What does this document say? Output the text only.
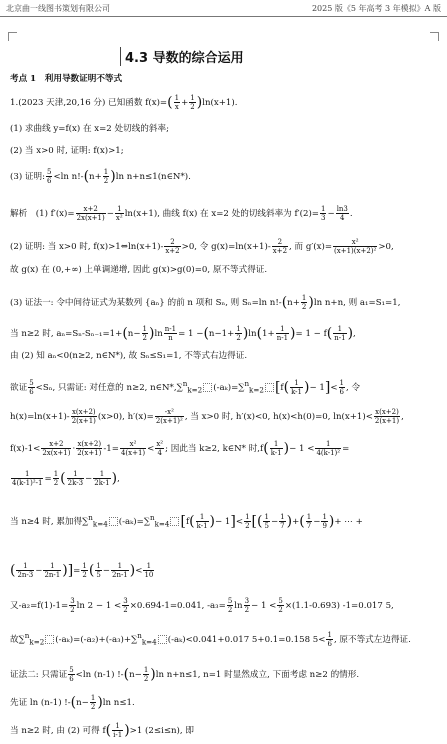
北京曲一线图书策划有限公司	2025 版《5 年高考 3 年模拟》A 版
4.3 导数的综合运用
考点 1　利用导数证明不等式
1.(2023 天津,20,16 分) 已知函数 $f(x)=( \frac{1}{x} + \frac{1}{2} )\ln(x+1)$.
(1) 求曲线 y=f(x) 在 x=2 处切线的斜率;
(2) 当 x>0 时, 证明: f(x)>1;
(3) 证明: $\frac{5}{6} <\ln$ $n!-(n+ \frac{1}{2} )\ln$ n+n≤1(n∈N*).
解析　(1) $f'(x)= \frac{x+2}{2x(x+1)} - \frac{1}{\text{x²}} \ln(x+1)$, 曲线 f(x) 在 x=2 处的切线斜率为 $f'(2)= \frac{1}{3} - \frac{\ln 3}{4}$ .
(2) 证明: 当 x>0 时, f(x)>1⇔ln(x+1)- $\frac{2}{x+2} >0$, 令 $g(x)=\ln(x+1)- \frac{2}{x+2}$ , 而 $g'(x)= \frac{\text{x²}}{\text{(x+1)(x+2)²}} >0$,
故 g(x) 在 (0,+∞) 上单调递增, 因此 g(x)>g(0)=0, 原不等式得证.
(3) 证法一: 令中间待证式为某数列 {aₙ} 的前 n 项和 Sₙ, 则 Sₙ=ln $n!-(n+ \frac{1}{2} )\ln$ n+n, 则 a₁=S₁=1,
当 n≥2 时, $a_n=S_n-S_{n-1}=1+(n- \frac{1}{2} )\ln \frac{n-1}{n} = 1 -(n-1+ \frac{1}{2} )\ln(1+ \frac{1}{n-1}$ )= $1 - f( \frac{1}{n-1}$ ),
由 (2) 知 aₙ<0(n≥2, n∈N*), 故 Sₙ≤S₁=1, 不等式右边得证.
欲证 $\frac{5}{6} <S_n$, 只需证: 对任意的 n≥2, n∈N*,∑$^n_{k=2}$ (-aₖ)=∑$^n_{k=2}$ [$f( \frac{1}{k-1}$ )− $1]< \frac{1}{6}$ , 令
$h(x)=\ln(x+1)- \frac{x(x+2)}{2(x+1)} (x>0)$, $h'(x)= \frac{\text{-x²}}{\text{2(x+1)²}}$ , 当 x>0 时, h′(x)<0, h(x)<h(0)=0, $\ln(x+1)< \frac{x(x+2)}{2(x+1)}$ ,
$f(x)-1< \frac{x+2}{2x(x+1)} \cdot \frac{x(x+2)}{2(x+1)} -1= \frac{\text{x²}}{4(x+1)} < \frac{\text{x²}}{4}$ ; 因此当 k≥2, k∈N* 时$,f( \frac{1}{k-1}$ )− $1 < \frac{1}{\text{4(k-1)²}}$ =
$\frac{1}{\text{4(k-1)²-1}} = \frac{1}{2}$ ( $\frac{1}{2k-3} - \frac{1}{2k-1}$ ),
当 n≥4 时, 累加得∑$^n_{k=4}$ (-aₖ)=∑$^n_{k=4}$ [$f( \frac{1}{k-1}$ )− $1]< \frac{1}{2}$ [( $\frac{1}{5} - \frac{1}{7}$ )+( $\frac{1}{7} - \frac{1}{9}$ )+ ⋯ +
( $\frac{1}{2n-3} - \frac{1}{2n-1}$ )]= $\frac{1}{2}$ ( $\frac{1}{5} - \frac{1}{2n-1}$ )< $\frac{1}{10}$
又$-a_2=f(1)-1= \frac{3}{2}$ $\ln 2 - 1 < \frac{3}{2} \times 0.694-1=0.041$, $-a_3= \frac{5}{2}$ $\ln \frac{3}{2} - 1 < \frac{5}{2} \times(1.1-0.693)$ -1=0.017 5,
故∑$^n_{k=2}$ (-aₖ)=(-a₂)+(-a₃)+∑$^n_{k=4}$ (-aₖ)<0.041+0.017 5+0.1=0.158 $5< \frac{1}{6}$ , 原不等式左边得证.
证法二: 只需证 $\frac{5}{6} <\ln$ (n-1) $!-(n- \frac{1}{2} )\ln$ n+n≤1, n=1 时显然成立, 下面考虑 n≥2 的情形.
先证 ln (n-1) $!-(n- \frac{1}{2} )\ln$ n≤1.
当 n≥2 时, 由 (2) 可得 $f( \frac{1}{i-1} )>1$ (2≤i≤n), 即
